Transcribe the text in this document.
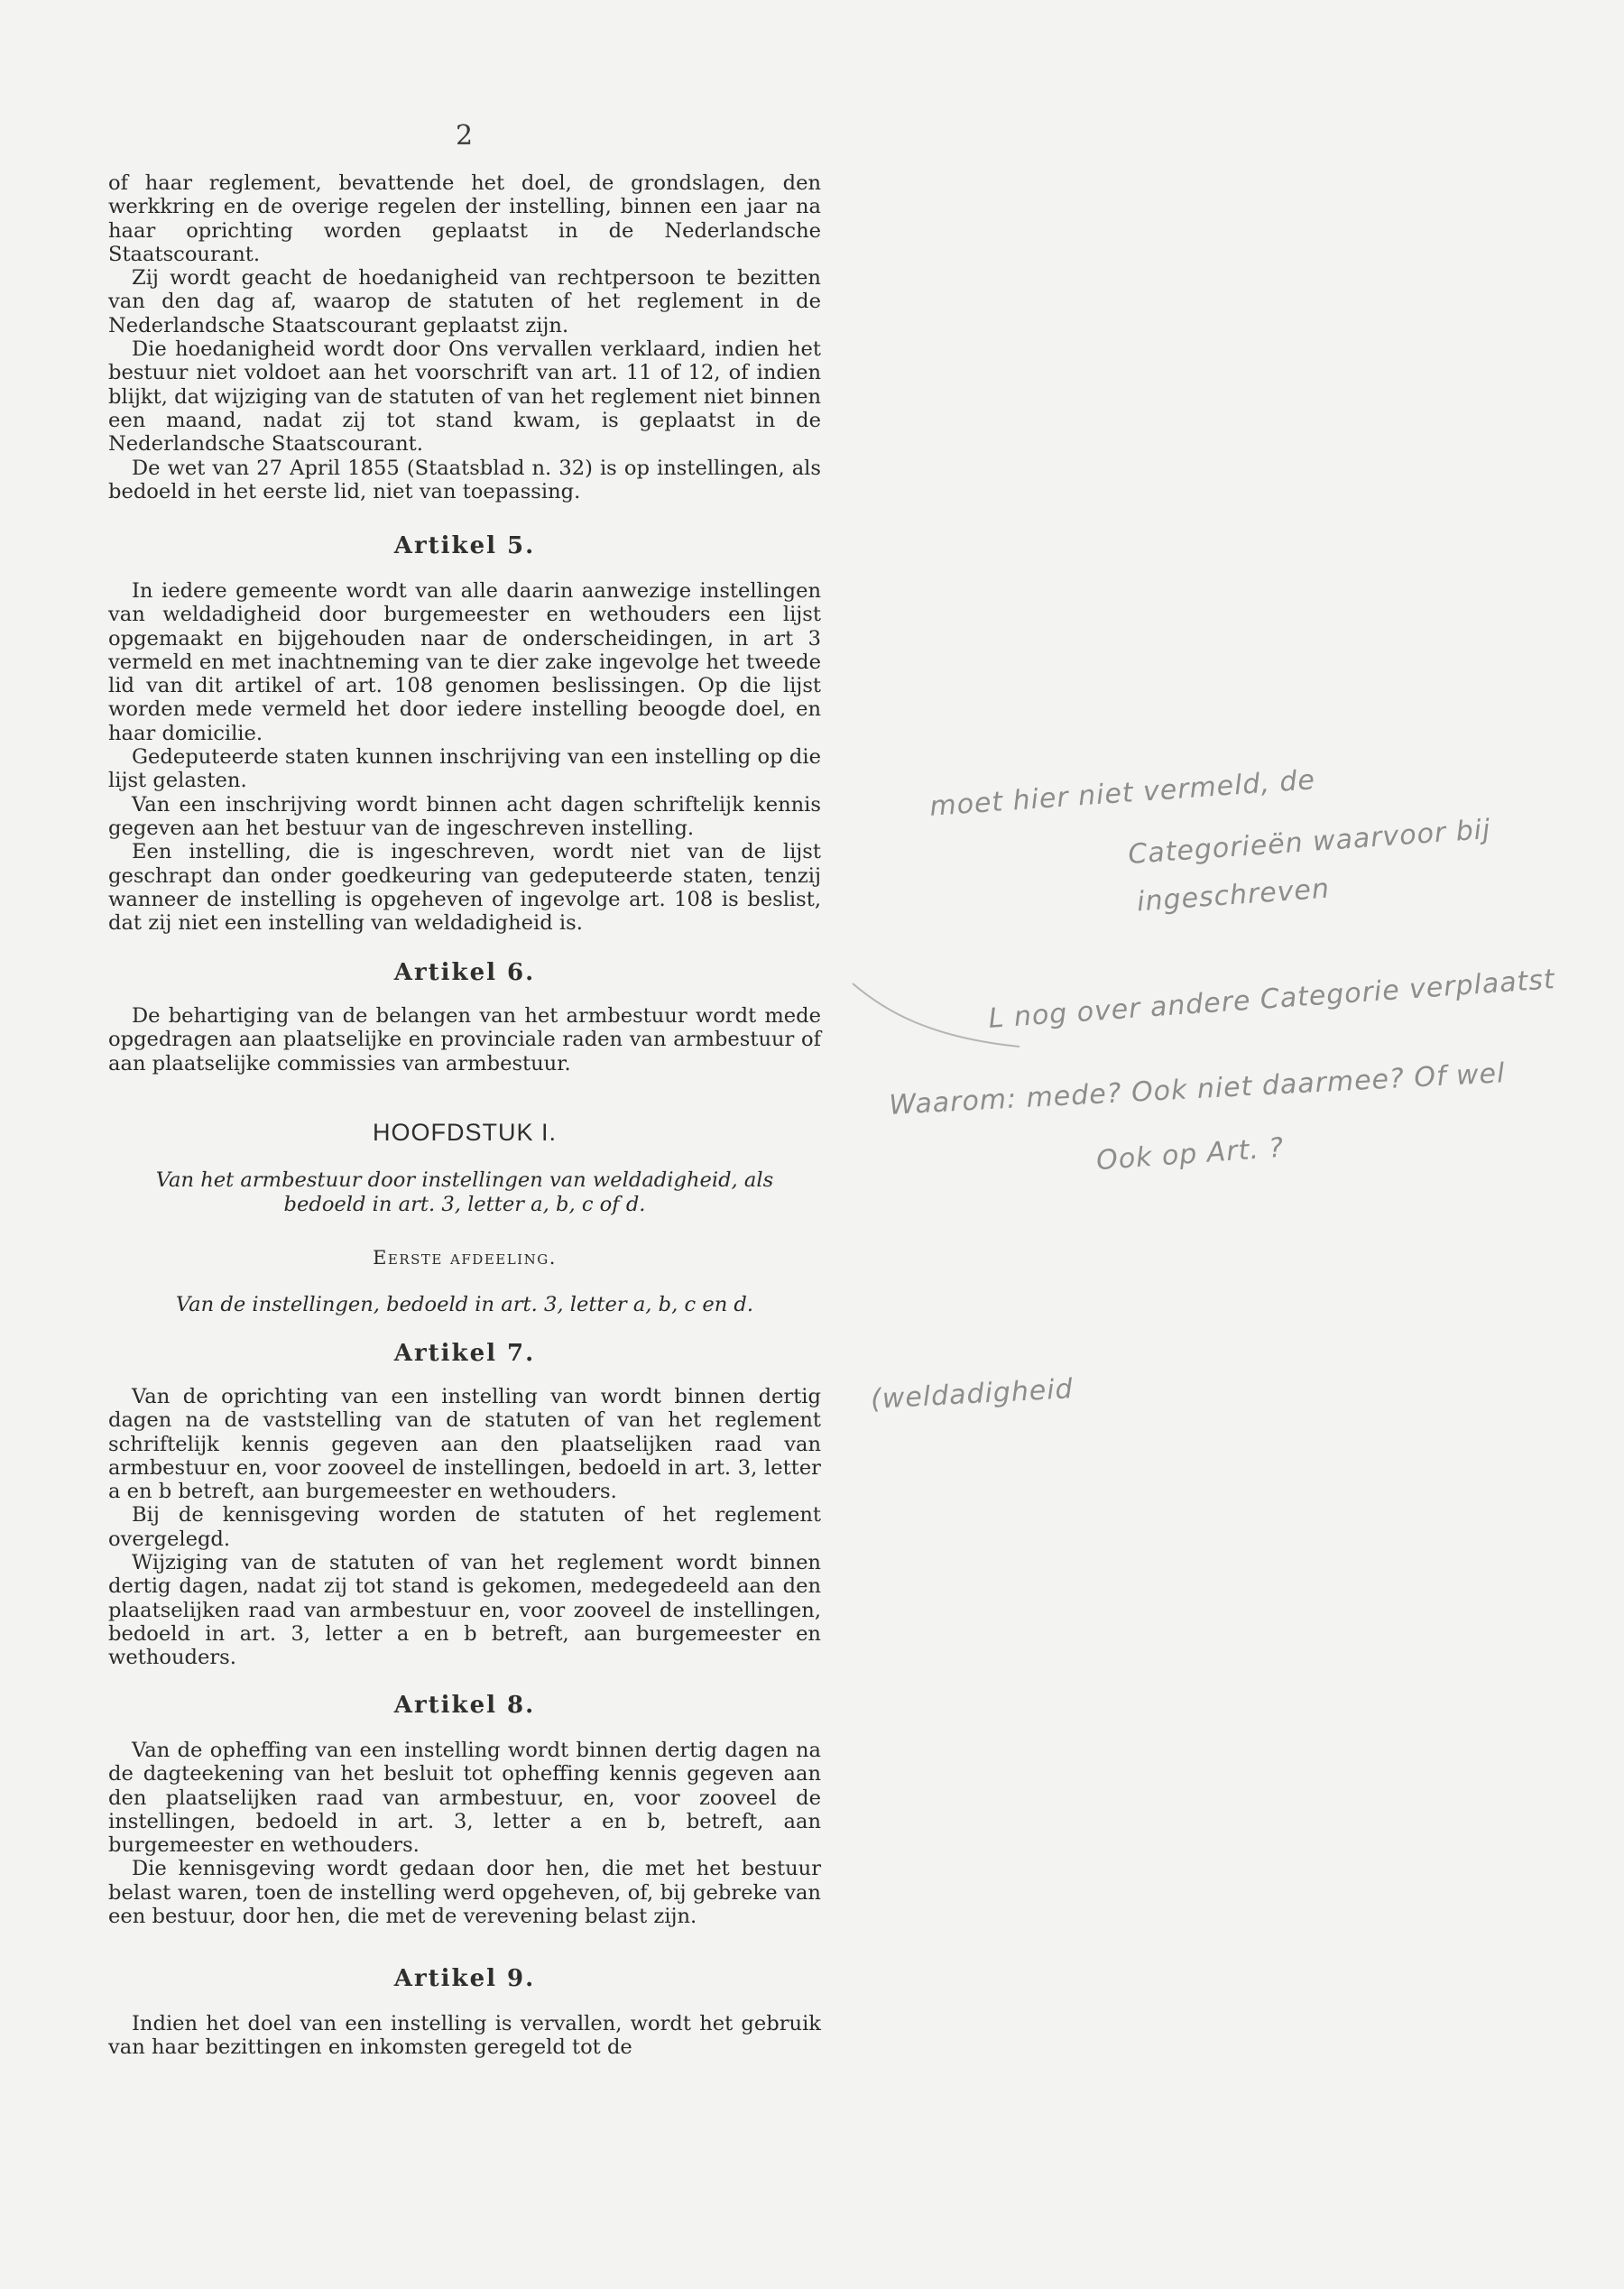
2

of haar reglement, bevattende het doel, de grondslagen, den werkkring en de overige regelen der instelling, binnen een jaar na haar oprichting worden geplaatst in de Nederlandsche Staatscourant.

Zij wordt geacht de hoedanigheid van rechtpersoon te bezitten van den dag af, waarop de statuten of het reglement in de Nederlandsche Staatscourant geplaatst zijn.

Die hoedanigheid wordt door Ons vervallen verklaard, indien het bestuur niet voldoet aan het voorschrift van art. 11 of 12, of indien blijkt, dat wijziging van de statuten of van het reglement niet binnen een maand, nadat zij tot stand kwam, is geplaatst in de Nederlandsche Staatscourant.

De wet van 27 April 1855 (Staatsblad n. 32) is op instellingen, als bedoeld in het eerste lid, niet van toepassing.

Artikel 5.

In iedere gemeente wordt van alle daarin aanwezige instellingen van weldadigheid door burgemeester en wethouders een lijst opgemaakt en bijgehouden naar de onderscheidingen, in art 3 vermeld en met inachtneming van te dier zake ingevolge het tweede lid van dit artikel of art. 108 genomen beslissingen. Op die lijst worden mede vermeld het door iedere instelling beoogde doel, en haar domicilie.

Gedeputeerde staten kunnen inschrijving van een instelling op die lijst gelasten.

Van een inschrijving wordt binnen acht dagen schriftelijk kennis gegeven aan het bestuur van de ingeschreven instelling.

Een instelling, die is ingeschreven, wordt niet van de lijst geschrapt dan onder goedkeuring van gedeputeerde staten, tenzij wanneer de instelling is opgeheven of ingevolge art. 108 is beslist, dat zij niet een instelling van weldadigheid is.

Artikel 6.

De behartiging van de belangen van het armbestuur wordt mede opgedragen aan plaatselijke en provinciale raden van armbestuur of aan plaatselijke commissies van armbestuur.

HOOFDSTUK I.
Van het armbestuur door instellingen van weldadigheid, als bedoeld in art. 3, letter a, b, c of d.
Eerste afdeeling.
Van de instellingen, bedoeld in art. 3, letter a, b, c en d.
Artikel 7.

Van de oprichting van een instelling van wordt binnen dertig dagen na de vaststelling van de statuten of van het reglement schriftelijk kennis gegeven aan den plaatselijken raad van armbestuur en, voor zooveel de instellingen, bedoeld in art. 3, letter a en b betreft, aan burgemeester en wethouders.

Bij de kennisgeving worden de statuten of het reglement overgelegd.

Wijziging van de statuten of van het reglement wordt binnen dertig dagen, nadat zij tot stand is gekomen, medegedeeld aan den plaatselijken raad van armbestuur en, voor zooveel de instellingen, bedoeld in art. 3, letter a en b betreft, aan burgemeester en wethouders.

Artikel 8.

Van de opheffing van een instelling wordt binnen dertig dagen na de dagteekening van het besluit tot opheffing kennis gegeven aan den plaatselijken raad van armbestuur, en, voor zooveel de instellingen, bedoeld in art. 3, letter a en b, betreft, aan burgemeester en wethouders.

Die kennisgeving wordt gedaan door hen, die met het bestuur belast waren, toen de instelling werd opgeheven, of, bij gebreke van een bestuur, door hen, die met de verevening belast zijn.

Artikel 9.

Indien het doel van een instelling is vervallen, wordt het gebruik van haar bezittingen en inkomsten geregeld tot de

moet hier niet vermeld, de
Categorieën waarvoor bij
ingeschreven
L nog over andere Categorie verplaatst
Waarom: mede? Ook niet daarmee? Of wel
Ook op Art. ?
(weldadigheid
